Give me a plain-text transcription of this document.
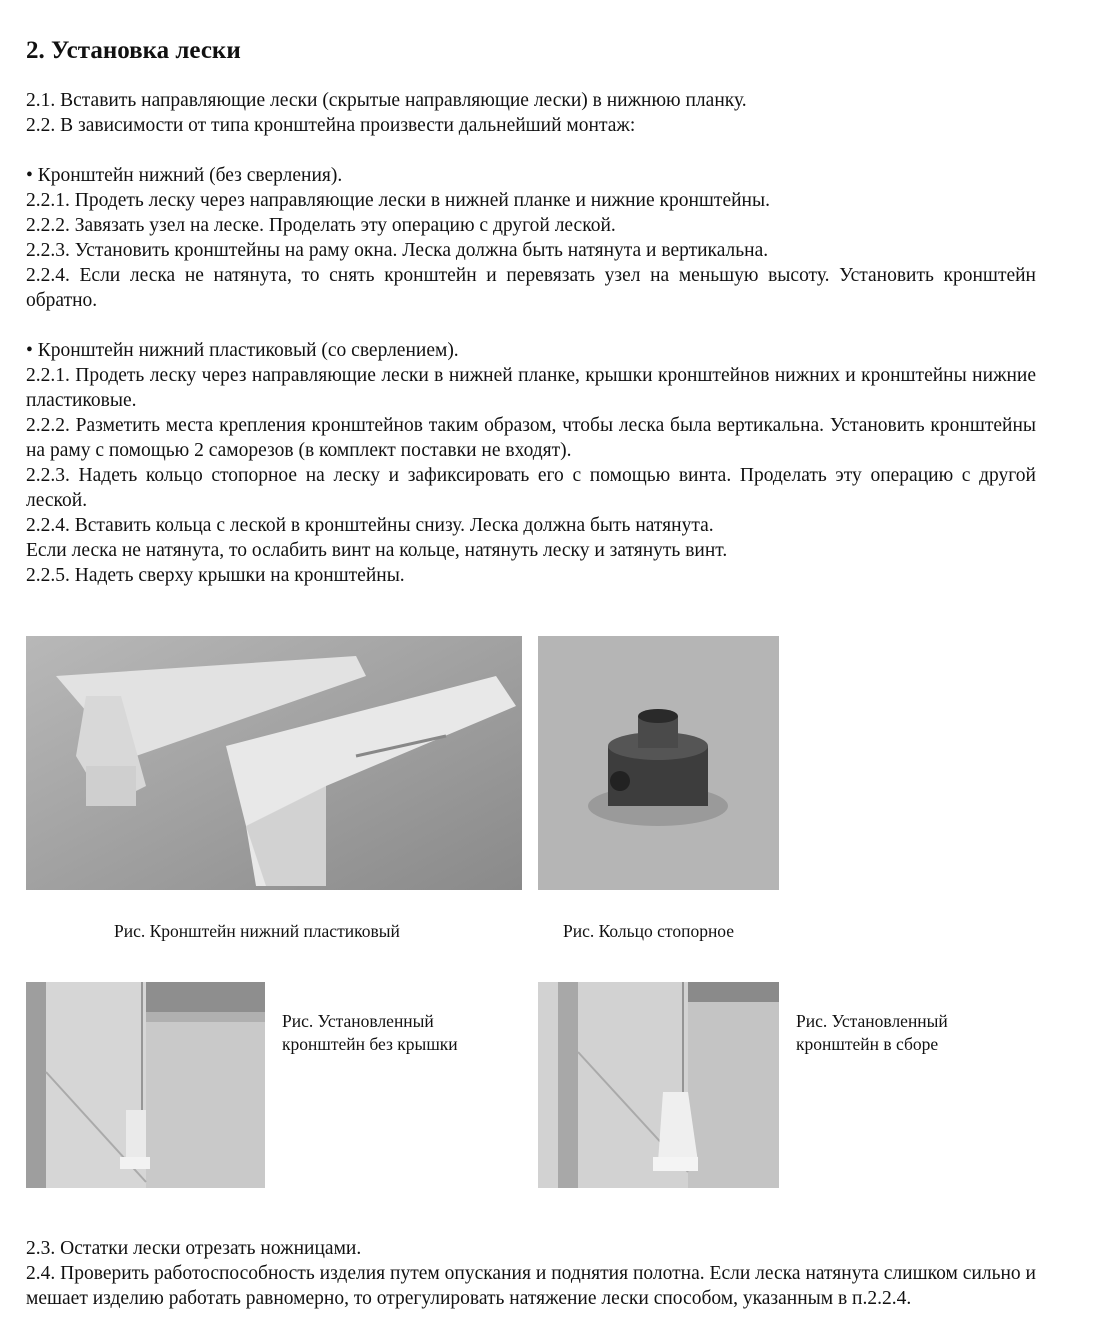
2. Установка лески

2.1. Вставить направляющие лески (скрытые направляющие лески) в нижнюю планку.

2.2. В зависимости от типа кронштейна произвести дальнейший монтаж:

• Кронштейн нижний (без сверления).

2.2.1. Продеть леску через направляющие лески в нижней планке и нижние кронштейны.

2.2.2. Завязать узел на леске. Проделать эту операцию с другой леской.

2.2.3. Установить кронштейны на раму окна. Леска должна быть натянута и вертикальна.

2.2.4. Если леска не натянута, то снять кронштейн и перевязать узел на меньшую высоту. Установить кронштейн обратно.

• Кронштейн нижний пластиковый (со сверлением).

2.2.1. Продеть леску через направляющие лески в нижней планке, крышки кронштейнов нижних и кронштейны нижние пластиковые.

2.2.2. Разметить места крепления кронштейнов таким образом, чтобы леска была вертикальна. Установить кронштейны на раму с помощью 2 саморезов (в комплект поставки не входят).

2.2.3. Надеть кольцо стопорное на леску и зафиксировать его с помощью винта. Проделать эту операцию с другой леской.

2.2.4. Вставить кольца с леской в кронштейны снизу. Леска должна быть натянута.

Если леска не натянута, то ослабить винт на кольце, натянуть леску и затянуть винт.

2.2.5. Надеть сверху крышки на кронштейны.

2.3. Остатки лески отрезать ножницами.

2.4. Проверить работоспособность изделия путем опускания и поднятия полотна. Если леска натянута слишком сильно и мешает изделию работать равномерно, то отрегулировать натяжение лески способом, указанным в п.2.2.4.

Рис. Кронштейн нижний пластиковый	Рис. Кольцо стопорное
Рис. Установленный
кронштейн без крышки
Рис. Установленный
кронштейн в сборе
